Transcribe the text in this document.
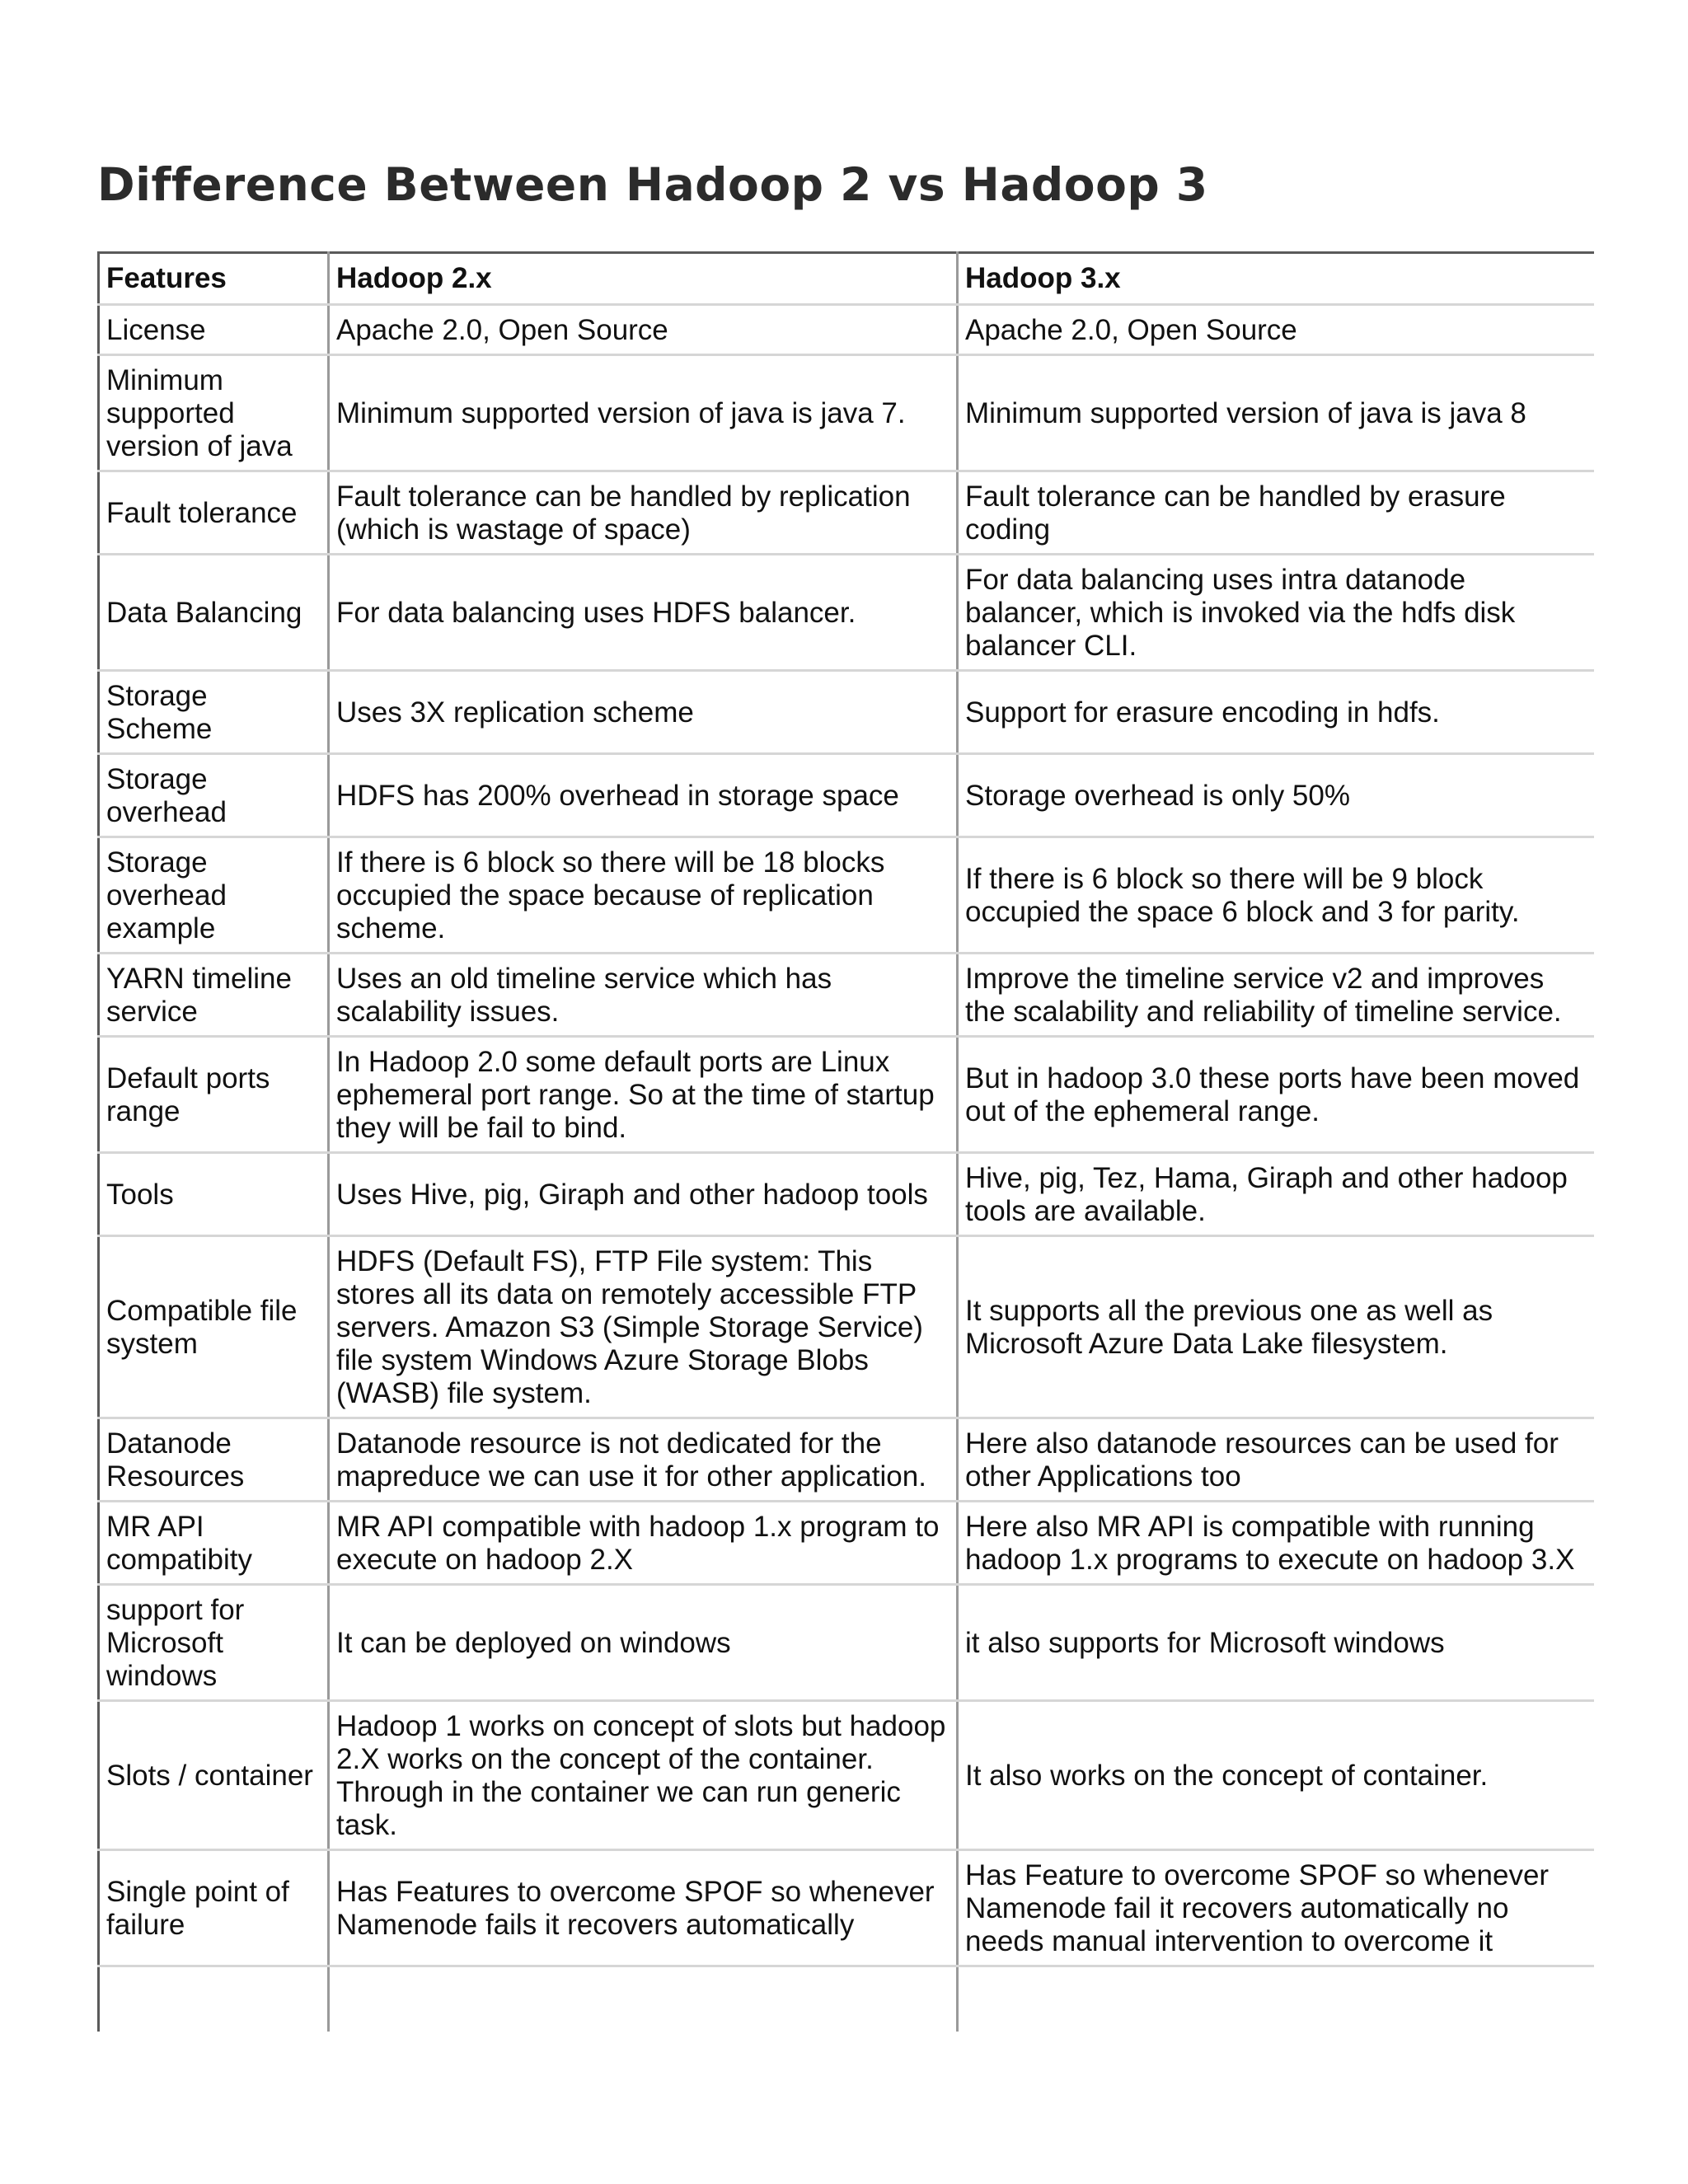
Difference Between Hadoop 2 vs Hadoop 3
Features	Hadoop 2.x	Hadoop 3.x
License	Apache 2.0, Open Source	Apache 2.0, Open Source
Minimum supported version of java	Minimum supported version of java is java 7.	Minimum supported version of java is java 8
Fault tolerance	Fault tolerance can be handled by replication (which is wastage of space)	Fault tolerance can be handled by erasure coding
Data Balancing	For data balancing uses HDFS balancer.	For data balancing uses intra datanode balancer, which is invoked via the hdfs disk balancer CLI.
Storage Scheme	Uses 3X replication scheme	Support for erasure encoding in hdfs.
Storage overhead	HDFS has 200% overhead in storage space	Storage overhead is only 50%
Storage overhead example	If there is 6 block so there will be 18 blocks occupied the space because of replication scheme.	If there is 6 block so there will be 9 block occupied the space 6 block and 3 for parity.
YARN timeline service	Uses an old timeline service which has scalability issues.	Improve the timeline service v2 and improves the scalability and reliability of timeline service.
Default ports range	In Hadoop 2.0 some default ports are Linux ephemeral port range. So at the time of startup they will be fail to bind.	But in hadoop 3.0 these ports have been moved out of the ephemeral range.
Tools	Uses Hive, pig, Giraph and other hadoop tools	Hive, pig, Tez, Hama, Giraph and other hadoop tools are available.
Compatible file system	HDFS (Default FS), FTP File system: This stores all its data on remotely accessible FTP servers. Amazon S3 (Simple Storage Service) file system Windows Azure Storage Blobs (WASB) file system.	It supports all the previous one as well as Microsoft Azure Data Lake filesystem.
Datanode Resources	Datanode resource is not dedicated for the mapreduce we can use it for other application.	Here also datanode resources can be used for other Applications too
MR API compatibity	MR API compatible with hadoop 1.x program to execute on hadoop 2.X	Here also MR API is compatible with running hadoop 1.x programs to execute on hadoop 3.X
support for Microsoft windows	It can be deployed on windows	it also supports for Microsoft windows
Slots / container	Hadoop 1 works on concept of slots but hadoop 2.X works on the concept of the container. Through in the container we can run generic task.	It also works on the concept of container.
Single point of failure	Has Features to overcome SPOF so whenever Namenode fails it recovers automatically	Has Feature to overcome SPOF so whenever Namenode fail it recovers automatically no needs manual intervention to overcome it
